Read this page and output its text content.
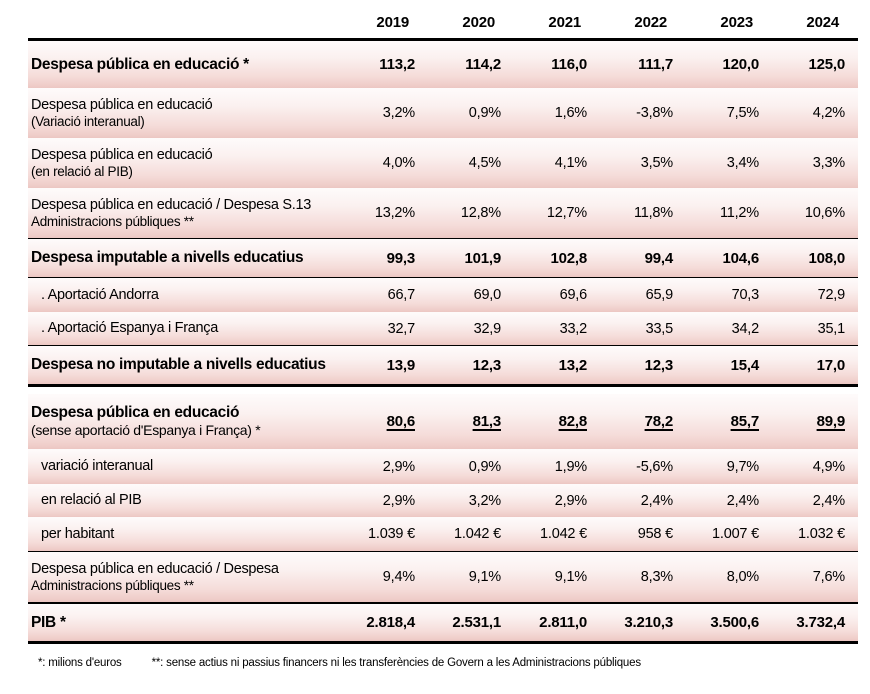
2019	2020	2021	2022	2023	2024
Despesa pública en educació *	113,2	114,2	116,0	111,7	120,0	125,0
Despesa pública en educació
(Variació interanual)
3,2%	0,9%	1,6%	-3,8%	7,5%	4,2%
Despesa pública en educació
(en relació al PIB)
4,0%	4,5%	4,1%	3,5%	3,4%	3,3%
Despesa pública en educació / Despesa S.13
Administracions públiques **
13,2%	12,8%	12,7%	11,8%	11,2%	10,6%
Despesa imputable a nivells educatius	99,3	101,9	102,8	99,4	104,6	108,0
. Aportació Andorra	66,7	69,0	69,6	65,9	70,3	72,9
. Aportació Espanya i França	32,7	32,9	33,2	33,5	34,2	35,1
Despesa no imputable a nivells educatius	13,9	12,3	13,2	12,3	15,4	17,0
Despesa pública en educació
(sense aportació d'Espanya i França) *
80,6	81,3	82,8	78,2	85,7	89,9
variació interanual	2,9%	0,9%	1,9%	-5,6%	9,7%	4,9%
en relació al PIB	2,9%	3,2%	2,9%	2,4%	2,4%	2,4%
per habitant	1.039 €	1.042 €	1.042 €	958 €	1.007 €	1.032 €
Despesa pública en educació / Despesa
Administracions públiques **
9,4%	9,1%	9,1%	8,3%	8,0%	7,6%
PIB *	2.818,4	2.531,1	2.811,0	3.210,3	3.500,6	3.732,4
*: milions d'euros	**: sense actius ni passius financers ni les transferències de Govern a les Administracions públiques
